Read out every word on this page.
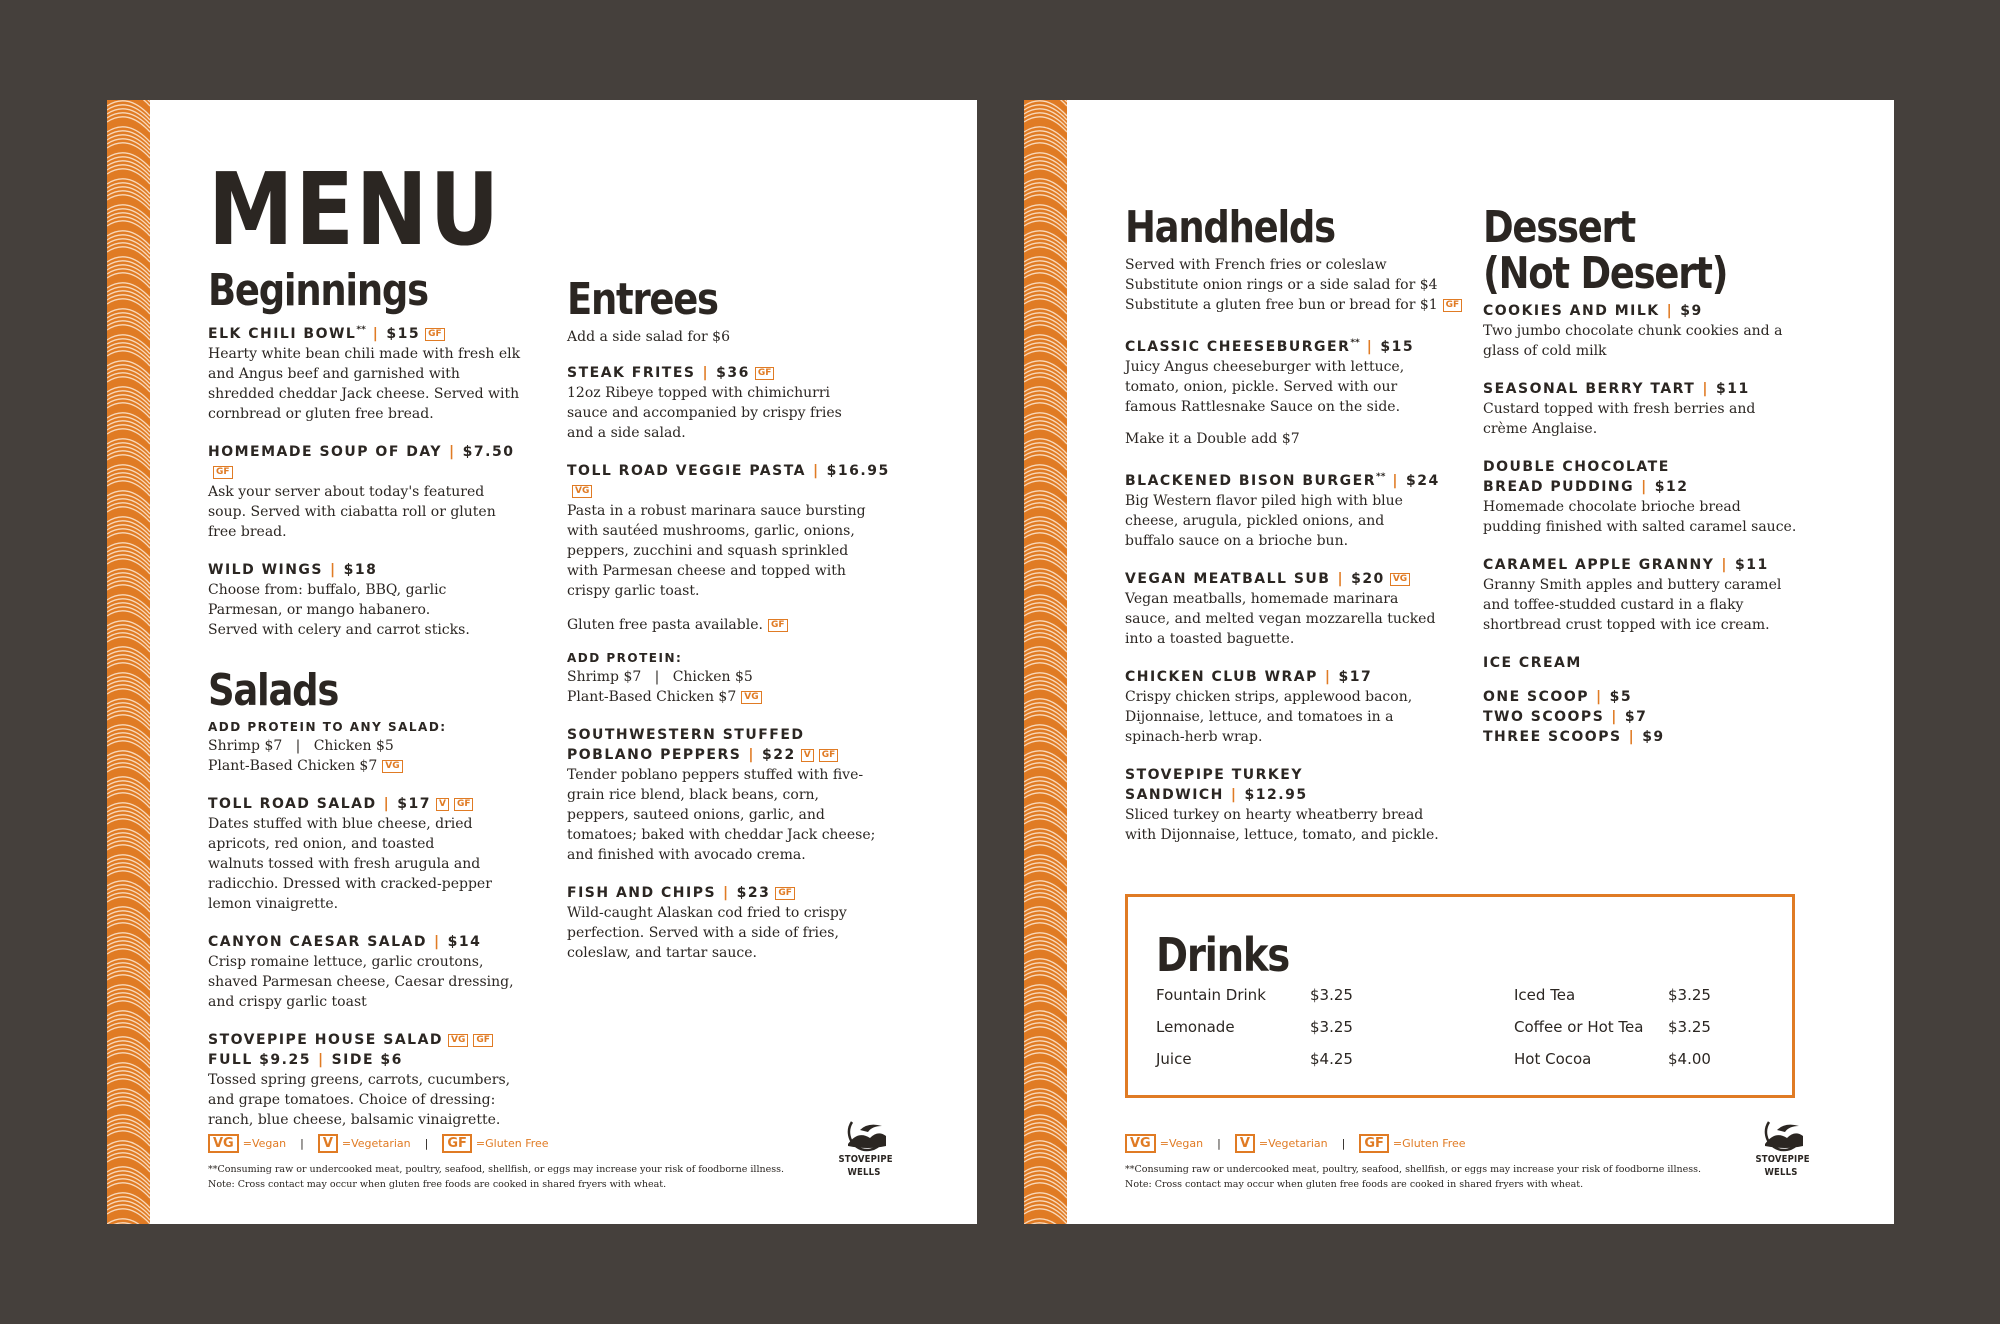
MENU
Beginnings
ELK CHILI BOWL** | $15 GF
Hearty white bean chili made with fresh elk
and Angus beef and garnished with
shredded cheddar Jack cheese. Served with
cornbread or gluten free bread.
HOMEMADE SOUP OF DAY | $7.50GF
Ask your server about today's featured
soup. Served with ciabatta roll or gluten
free bread.
WILD WINGS | $18
Choose from: buffalo, BBQ, garlic
Parmesan, or mango habanero.
Served with celery and carrot sticks.
Salads
ADD PROTEIN TO ANY SALAD:
Shrimp $7   |   Chicken $5
Plant-Based Chicken $7 VG
TOLL ROAD SALAD | $17 V GF
Dates stuffed with blue cheese, dried
apricots, red onion, and toasted
walnuts tossed with fresh arugula and
radicchio. Dressed with cracked-pepper
lemon vinaigrette.
CANYON CAESAR SALAD | $14
Crisp romaine lettuce, garlic croutons,
shaved Parmesan cheese, Caesar dressing,
and crispy garlic toast
STOVEPIPE HOUSE SALAD VG GF
FULL $9.25 | SIDE $6
Tossed spring greens, carrots, cucumbers,
and grape tomatoes. Choice of dressing:
ranch, blue cheese, balsamic vinaigrette.
Entrees
Add a side salad for $6
STEAK FRITES | $36 GF
12oz Ribeye topped with chimichurri
sauce and accompanied by crispy fries
and a side salad.
TOLL ROAD VEGGIE PASTA | $16.95VG
Pasta in a robust marinara sauce bursting
with sautéed mushrooms, garlic, onions,
peppers, zucchini and squash sprinkled
with Parmesan cheese and topped with
crispy garlic toast.
Gluten free pasta available. GF
ADD PROTEIN:
Shrimp $7   |   Chicken $5
Plant-Based Chicken $7 VG
SOUTHWESTERN STUFFED
POBLANO PEPPERS | $22 V GF
Tender poblano peppers stuffed with five-
grain rice blend, black beans, corn,
peppers, sauteed onions, garlic, and
tomatoes; baked with cheddar Jack cheese;
and finished with avocado crema.
FISH AND CHIPS | $23 GF
Wild-caught Alaskan cod fried to crispy
perfection. Served with a side of fries,
coleslaw, and tartar sauce.
VG =Vegan |	V =Vegetarian |	GF =Gluten Free
**Consuming raw or undercooked meat, poultry, seafood, shellfish, or eggs may increase your risk of foodborne illness.
Note: Cross contact may occur when gluten free foods are cooked in shared fryers with wheat.
STOVEPIPE
WELLS
Handhelds
Served with French fries or coleslaw
Substitute onion rings or a side salad for $4
Substitute a gluten free bun or bread for $1 GF
CLASSIC CHEESEBURGER** | $15
Juicy Angus cheeseburger with lettuce,
tomato, onion, pickle. Served with our
famous Rattlesnake Sauce on the side.
Make it a Double add $7
BLACKENED BISON BURGER** | $24
Big Western flavor piled high with blue
cheese, arugula, pickled onions, and
buffalo sauce on a brioche bun.
VEGAN MEATBALL SUB | $20 VG
Vegan meatballs, homemade marinara
sauce, and melted vegan mozzarella tucked
into a toasted baguette.
CHICKEN CLUB WRAP | $17
Crispy chicken strips, applewood bacon,
Dijonnaise, lettuce, and tomatoes in a
spinach-herb wrap.
STOVEPIPE TURKEY
SANDWICH | $12.95
Sliced turkey on hearty wheatberry bread
with Dijonnaise, lettuce, tomato, and pickle.
Dessert
(Not Desert)
COOKIES AND MILK | $9
Two jumbo chocolate chunk cookies and a
glass of cold milk
SEASONAL BERRY TART | $11
Custard topped with fresh berries and
crème Anglaise.
DOUBLE CHOCOLATE
BREAD PUDDING | $12
Homemade chocolate brioche bread
pudding finished with salted caramel sauce.
CARAMEL APPLE GRANNY | $11
Granny Smith apples and buttery caramel
and toffee-studded custard in a flaky
shortbread crust topped with ice cream.
ICE CREAM
ONE SCOOP | $5
TWO SCOOPS | $7
THREE SCOOPS | $9
Drinks
Fountain Drink	$3.25
Lemonade	$3.25
Juice	$4.25
Iced Tea	$3.25
Coffee or Hot Tea	$3.25
Hot Cocoa	$4.00
VG =Vegan |	V =Vegetarian |	GF =Gluten Free
**Consuming raw or undercooked meat, poultry, seafood, shellfish, or eggs may increase your risk of foodborne illness.
Note: Cross contact may occur when gluten free foods are cooked in shared fryers with wheat.
STOVEPIPE
WELLS
